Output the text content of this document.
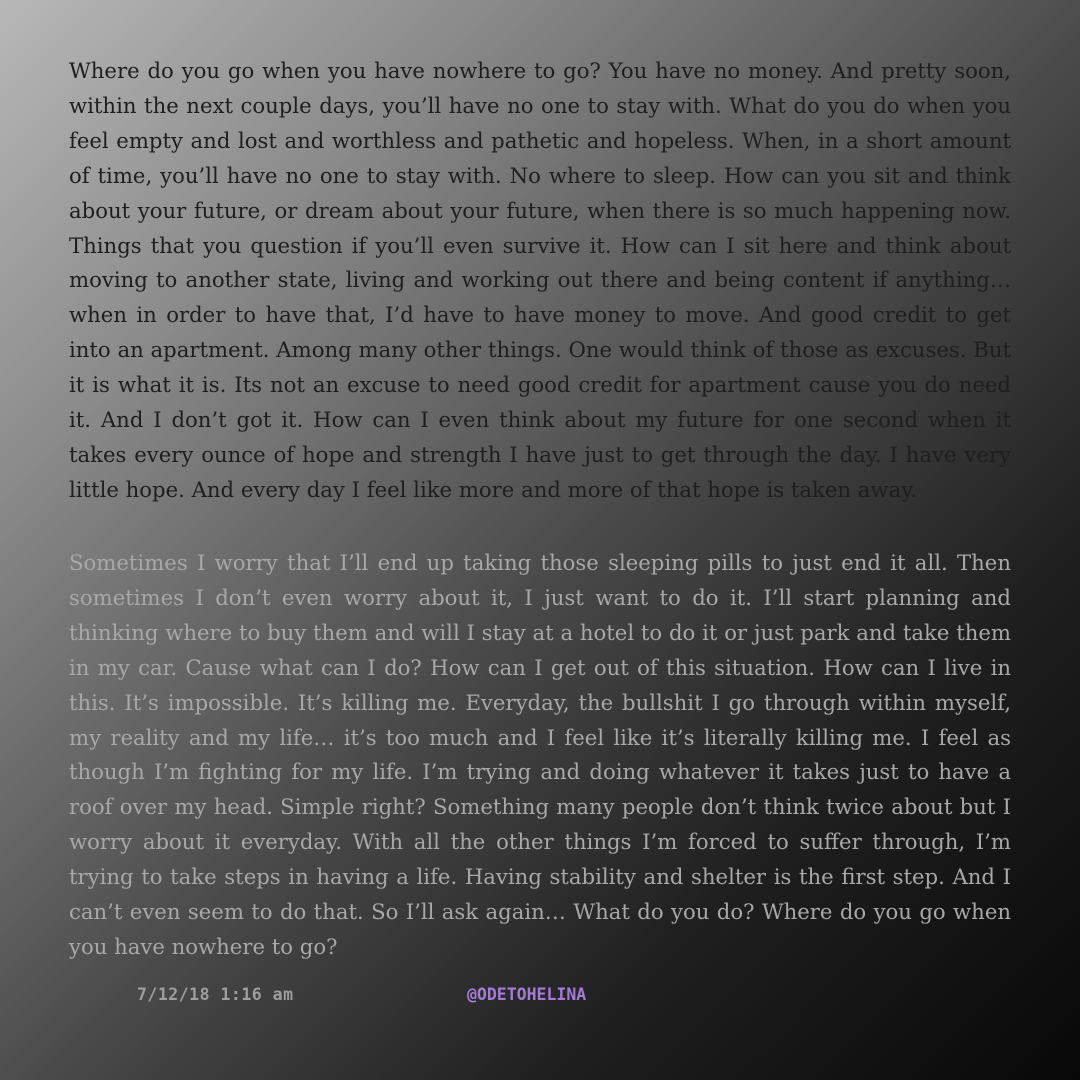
Where do you go when you have nowhere to go? You have no money. And pretty soon, within the next couple days, you’ll have no one to stay with. What do you do when you feel empty and lost and worthless and pathetic and hopeless. When, in a short amount of time, you’ll have no one to stay with. No where to sleep. How can you sit and think about your future, or dream about your future, when there is so much happening now. Things that you question if you’ll even survive it. How can I sit here and think about moving to another state, living and working out there and being content if anything… when in order to have that, I’d have to have money to move. And good credit to get into an apartment. Among many other things. One would think of those as excuses. But it is what it is. Its not an excuse to need good credit for apartment cause you do need it. And I don’t got it. How can I even think about my future for one second when it takes every ounce of hope and strength I have just to get through the day. I have very little hope. And every day I feel like more and more of that hope is taken away.

Sometimes I worry that I’ll end up taking those sleeping pills to just end it all. Then sometimes I don’t even worry about it, I just want to do it. I’ll start planning and thinking where to buy them and will I stay at a hotel to do it or just park and take them in my car. Cause what can I do? How can I get out of this situation. How can I live in this. It’s impossible. It’s killing me. Everyday, the bullshit I go through within myself, my reality and my life… it’s too much and I feel like it’s literally killing me. I feel as though I’m fighting for my life. I’m trying and doing whatever it takes just to have a roof over my head. Simple right? Something many people don’t think twice about but I worry about it everyday. With all the other things I’m forced to suffer through, I’m trying to take steps in having a life. Having stability and shelter is the first step. And I can’t even seem to do that. So I’ll ask again… What do you do? Where do you go when you have nowhere to go?

7/12/18 1:16 am	@ODETOHELINA
